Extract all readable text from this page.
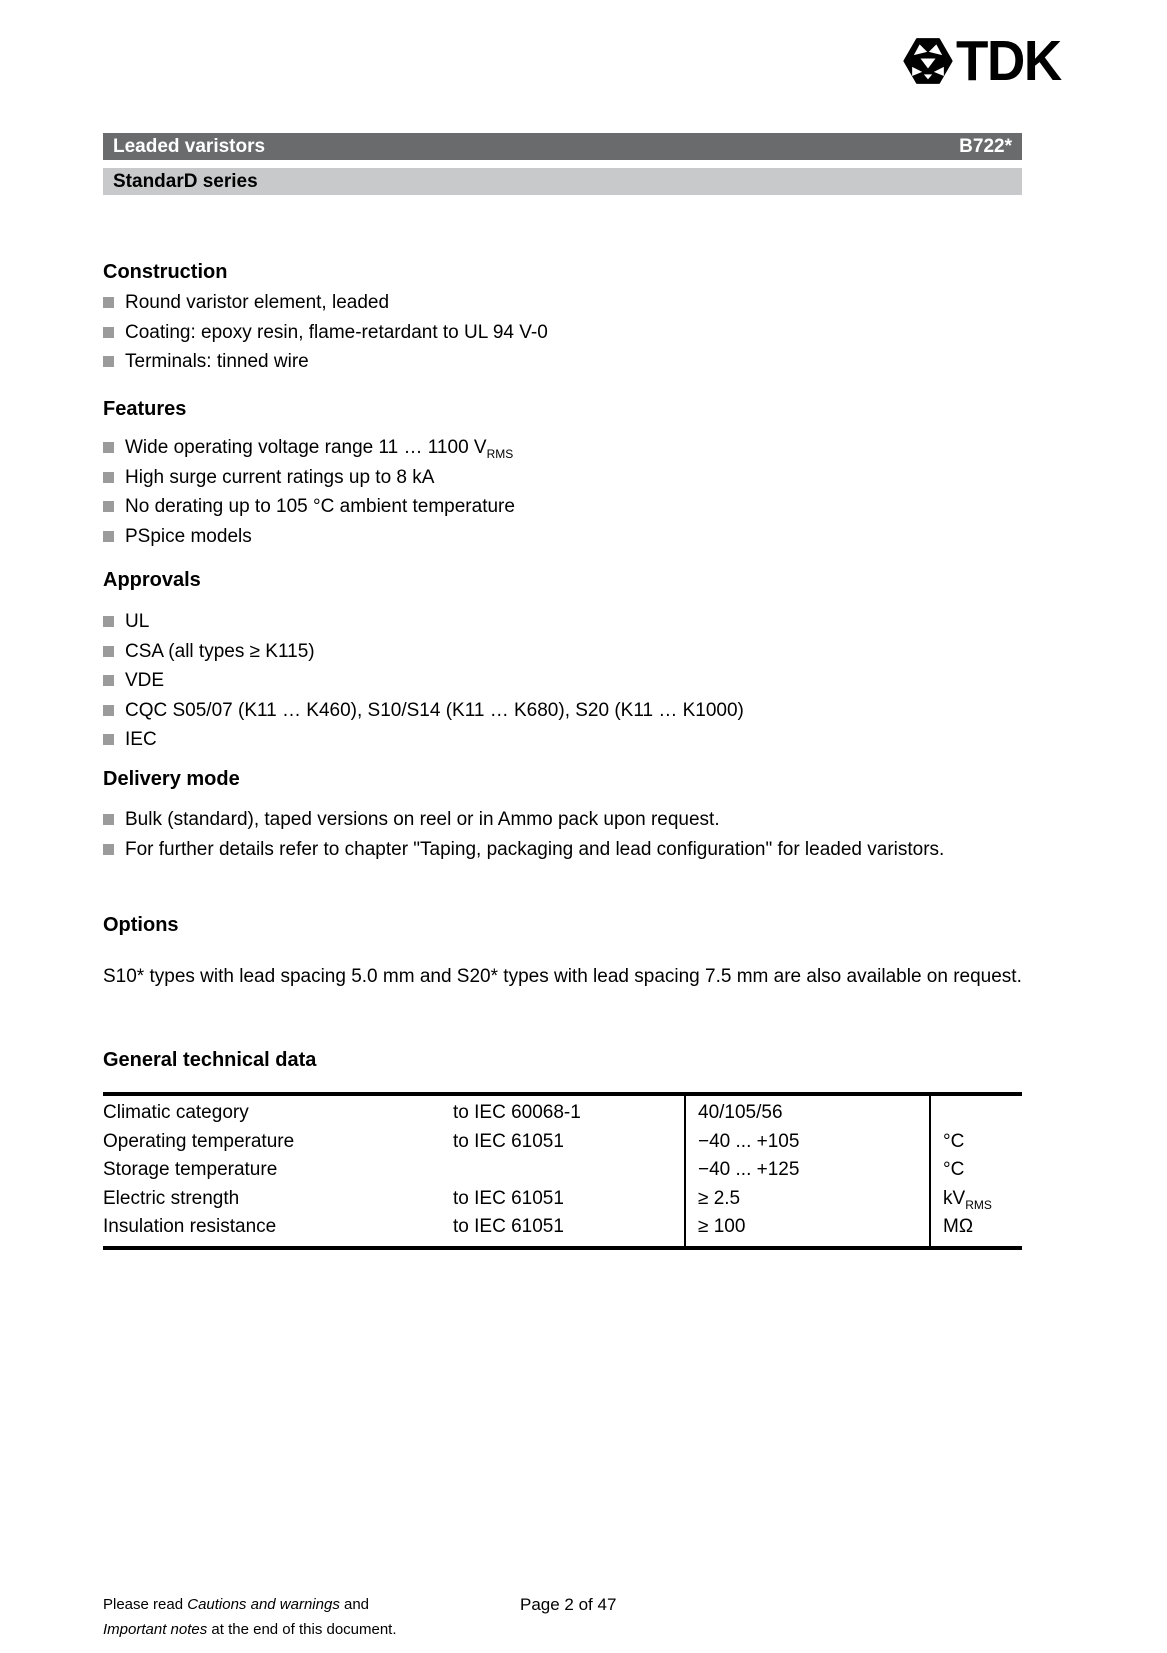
TDK
Leaded varistors	B722*
StandarD series
Construction
Round varistor element, leaded
Coating: epoxy resin, flame-retardant to UL 94 V-0
Terminals: tinned wire
Features
Wide operating voltage range 11 … 1100 $V_{RMS}$
High surge current ratings up to 8 kA
No derating up to 105 °C ambient temperature
PSpice models
Approvals
UL
CSA (all types ≥ K115)
VDE
CQC S05/07 (K11 … K460), S10/S14 (K11 … K680), S20 (K11 … K1000)
IEC
Delivery mode
Bulk (standard), taped versions on reel or in Ammo pack upon request.
For further details refer to chapter "Taping, packaging and lead configuration" for leaded varistors.
Options

S10* types with lead spacing 5.0 mm and S20* types with lead spacing 7.5 mm are also available on request.

General technical data
Climatic category	to IEC 60068-1	40/105/56	
Operating temperature	to IEC 61051	−40 ... +105	°C
Storage temperature		−40 ... +125	°C
Electric strength	to IEC 61051	≥ 2.5	$kV_{RMS}$
Insulation resistance	to IEC 61051	≥ 100	MΩ
Please read Cautions and warnings and
Important notes at the end of this document.
Page 2 of 47
